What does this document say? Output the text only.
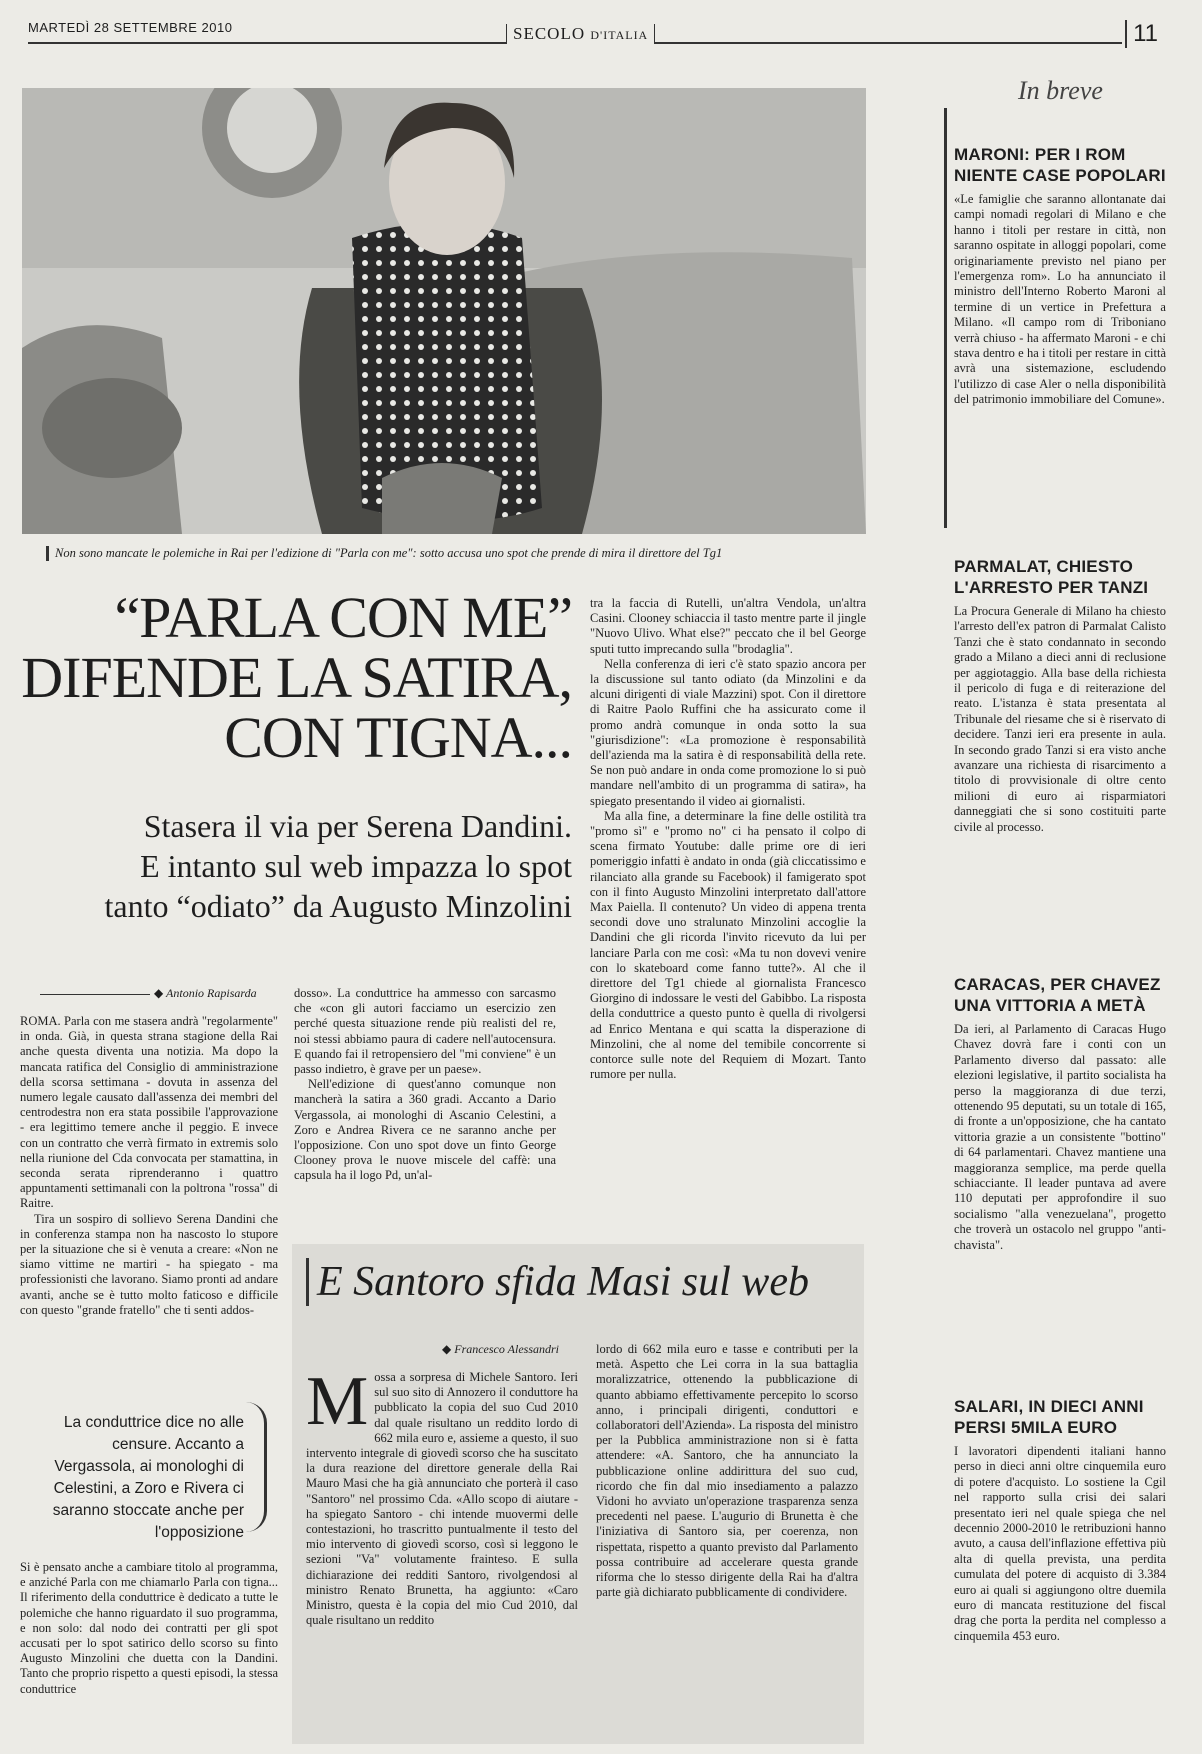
MARTEDÌ 28 SETTEMBRE 2010	SECOLO D'ITALIA	11
Non sono mancate le polemiche in Rai per l'edizione di "Parla con me": sotto accusa uno spot che prende di mira il direttore del Tg1
“PARLA CON ME”
DIFENDE LA SATIRA,
CON TIGNA...
Stasera il via per Serena Dandini.
E intanto sul web impazza lo spot
tanto “odiato” da Augusto Minzolini
◆ Antonio Rapisarda

ROMA. Parla con me stasera andrà "regolarmente" in onda. Già, in questa strana stagione della Rai anche questa diventa una notizia. Ma dopo la mancata ratifica del Consiglio di amministrazione della scorsa settimana - dovuta in assenza del numero legale causato dall'assenza dei membri del centrodestra non era stata possibile l'approvazione - era legittimo temere anche il peggio. E invece con un contratto che verrà firmato in extremis solo nella riunione del Cda convocata per stamattina, in seconda serata riprenderanno i quattro appuntamenti settimanali con la poltrona "rossa" di Raitre.

Tira un sospiro di sollievo Serena Dandini che in conferenza stampa non ha nascosto lo stupore per la situazione che si è venuta a creare: «Non ne siamo vittime ne martiri - ha spiegato - ma professionisti che lavorano. Siamo pronti ad andare avanti, anche se è tutto molto faticoso e difficile con questo "grande fratello" che ti senti addos-

dosso». La conduttrice ha ammesso con sarcasmo che «con gli autori facciamo un esercizio zen perché questa situazione rende più realisti del re, noi stessi abbiamo paura di cadere nell'autocensura. E quando fai il retropensiero del "mi conviene" è un passo indietro, è grave per un paese».

Nell'edizione di quest'anno comunque non mancherà la satira a 360 gradi. Accanto a Dario Vergassola, ai monologhi di Ascanio Celestini, a Zoro e Andrea Rivera ce ne saranno anche per l'opposizione. Con uno spot dove un finto George Clooney prova le nuove miscele del caffè: una capsula ha il logo Pd, un'al-

tra la faccia di Rutelli, un'altra Vendola, un'altra Casini. Clooney schiaccia il tasto mentre parte il jingle "Nuovo Ulivo. What else?" peccato che il bel George sputi tutto imprecando sulla "brodaglia".

Nella conferenza di ieri c'è stato spazio ancora per la discussione sul tanto odiato (da Minzolini e da alcuni dirigenti di viale Mazzini) spot. Con il direttore di Raitre Paolo Ruffini che ha assicurato come il promo andrà comunque in onda sotto la sua "giurisdizione": «La promozione è responsabilità dell'azienda ma la satira è di responsabilità della rete. Se non può andare in onda come promozione lo si può mandare nell'ambito di un programma di satira», ha spiegato presentando il video ai giornalisti.

Ma alla fine, a determinare la fine delle ostilità tra "promo sì" e "promo no" ci ha pensato il colpo di scena firmato Youtube: dalle prime ore di ieri pomeriggio infatti è andato in onda (già cliccatissimo e rilanciato alla grande su Facebook) il famigerato spot con il finto Augusto Minzolini interpretato dall'attore Max Paiella. Il contenuto? Un video di appena trenta secondi dove uno stralunato Minzolini accoglie la Dandini che gli ricorda l'invito ricevuto da lui per lanciare Parla con me così: «Ma tu non dovevi venire con lo skateboard come fanno tutte?». Al che il direttore del Tg1 chiede al giornalista Francesco Giorgino di indossare le vesti del Gabibbo. La risposta della conduttrice a questo punto è quella di rivolgersi ad Enrico Mentana e qui scatta la disperazione di Minzolini, che al nome del temibile concorrente si contorce sulle note del Requiem di Mozart. Tanto rumore per nulla.

La conduttrice dice no alle censure. Accanto a Vergassola, ai monologhi di Celestini, a Zoro e Rivera ci saranno stoccate anche per l'opposizione

Si è pensato anche a cambiare titolo al programma, e anziché Parla con me chiamarlo Parla con tigna... Il riferimento della conduttrice è dedicato a tutte le polemiche che hanno riguardato il suo programma, e non solo: dal nodo dei contratti per gli spot accusati per lo spot satirico dello scorso su finto Augusto Minzolini che duetta con la Dandini. Tanto che proprio rispetto a questi episodi, la stessa conduttrice

E Santoro sfida Masi sul web
◆ Francesco Alessandri
Mossa a sorpresa di Michele Santoro. Ieri sul suo sito di Annozero il conduttore ha pubblicato la copia del suo Cud 2010 dal quale risultano un reddito lordo di 662 mila euro e, assieme a questo, il suo intervento integrale di giovedì scorso che ha suscitato la dura reazione del direttore generale della Rai Mauro Masi che ha già annunciato che porterà il caso "Santoro" nel prossimo Cda. «Allo scopo di aiutare - ha spiegato Santoro - chi intende muovermi delle contestazioni, ho trascritto puntualmente il testo del mio intervento di giovedì scorso, così si leggono le sezioni "Va" volutamente frainteso. E sulla dichiarazione dei redditi Santoro, rivolgendosi al ministro Renato Brunetta, ha aggiunto: «Caro Ministro, questa è la copia del mio Cud 2010, dal quale risultano un reddito

lordo di 662 mila euro e tasse e contributi per la metà. Aspetto che Lei corra in la sua battaglia moralizzatrice, ottenendo la pubblicazione di quanto abbiamo effettivamente percepito lo scorso anno, i principali dirigenti, conduttori e collaboratori dell'Azienda». La risposta del ministro per la Pubblica amministrazione non si è fatta attendere: «A. Santoro, che ha annunciato la pubblicazione online addirittura del suo cud, ricordo che fin dal mio insediamento a palazzo Vidoni ho avviato un'operazione trasparenza senza precedenti nel paese. L'augurio di Brunetta è che l'iniziativa di Santoro sia, per coerenza, non rispettata, rispetto a quanto previsto dal Parlamento possa contribuire ad accelerare questa grande riforma che lo stesso dirigente della Rai ha d'altra parte già dichiarato pubblicamente di condividere.

In breve
MARONI: PER I ROM NIENTE CASE POPOLARI

«Le famiglie che saranno allontanate dai campi nomadi regolari di Milano e che hanno i titoli per restare in città, non saranno ospitate in alloggi popolari, come originariamente previsto nel piano per l'emergenza rom». Lo ha annunciato il ministro dell'Interno Roberto Maroni al termine di un vertice in Prefettura a Milano. «Il campo rom di Triboniano verrà chiuso - ha affermato Maroni - e chi stava dentro e ha i titoli per restare in città avrà una sistemazione, escludendo l'utilizzo di case Aler o nella disponibilità del patrimonio immobiliare del Comune».

PARMALAT, CHIESTO L'ARRESTO PER TANZI

La Procura Generale di Milano ha chiesto l'arresto dell'ex patron di Parmalat Calisto Tanzi che è stato condannato in secondo grado a Milano a dieci anni di reclusione per aggiotaggio. Alla base della richiesta il pericolo di fuga e di reiterazione del reato. L'istanza è stata presentata al Tribunale del riesame che si è riservato di decidere. Tanzi ieri era presente in aula. In secondo grado Tanzi si era visto anche avanzare una richiesta di risarcimento a titolo di provvisionale di oltre cento milioni di euro ai risparmiatori danneggiati che si sono costituiti parte civile al processo.

CARACAS, PER CHAVEZ UNA VITTORIA A METÀ

Da ieri, al Parlamento di Caracas Hugo Chavez dovrà fare i conti con un Parlamento diverso dal passato: alle elezioni legislative, il partito socialista ha perso la maggioranza di due terzi, ottenendo 95 deputati, su un totale di 165, di fronte a un'opposizione, che ha cantato vittoria grazie a un consistente "bottino" di 64 parlamentari. Chavez mantiene una maggioranza semplice, ma perde quella schiacciante. Il leader puntava ad avere 110 deputati per approfondire il suo socialismo "alla venezuelana", progetto che troverà un ostacolo nel gruppo "anti-chavista".

SALARI, IN DIECI ANNI PERSI 5MILA EURO

I lavoratori dipendenti italiani hanno perso in dieci anni oltre cinquemila euro di potere d'acquisto. Lo sostiene la Cgil nel rapporto sulla crisi dei salari presentato ieri nel quale spiega che nel decennio 2000-2010 le retribuzioni hanno avuto, a causa dell'inflazione effettiva più alta di quella prevista, una perdita cumulata del potere di acquisto di 3.384 euro ai quali si aggiungono oltre duemila euro di mancata restituzione del fiscal drag che porta la perdita nel complesso a cinquemila 453 euro.
